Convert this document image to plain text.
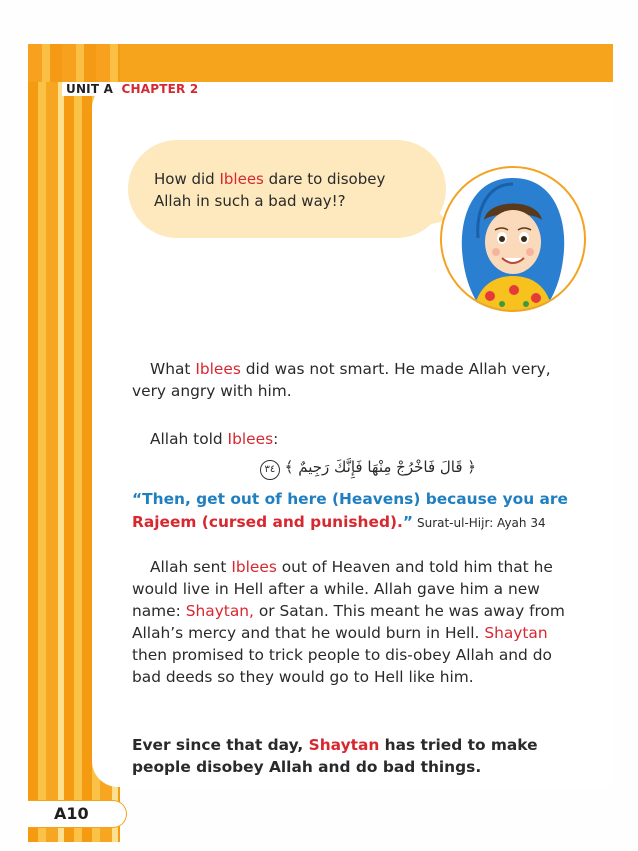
UNIT A CHAPTER 2
How did Iblees dare to disobey Allah in such a bad way!?
What Iblees did was not smart. He made Allah very, very angry with him.
Allah told Iblees:
﴿ قَالَ فَاخْرُجْ مِنْهَا فَإِنَّكَ رَجِيمٌ ﴾ ٣٤
“Then, get out of here (Heavens) because you are Rajeem (cursed and punished).” Surat-ul-Hijr: Ayah 34
Allah sent Iblees out of Heaven and told him that he would live in Hell after a while. Allah gave him a new name: Shaytan, or Satan. This meant he was away from Allah’s mercy and that he would burn in Hell. Shaytan then promised to trick people to dis-obey Allah and do bad deeds so they would go to Hell like him.
Ever since that day, Shaytan has tried to make people disobey Allah and do bad things.
A10
